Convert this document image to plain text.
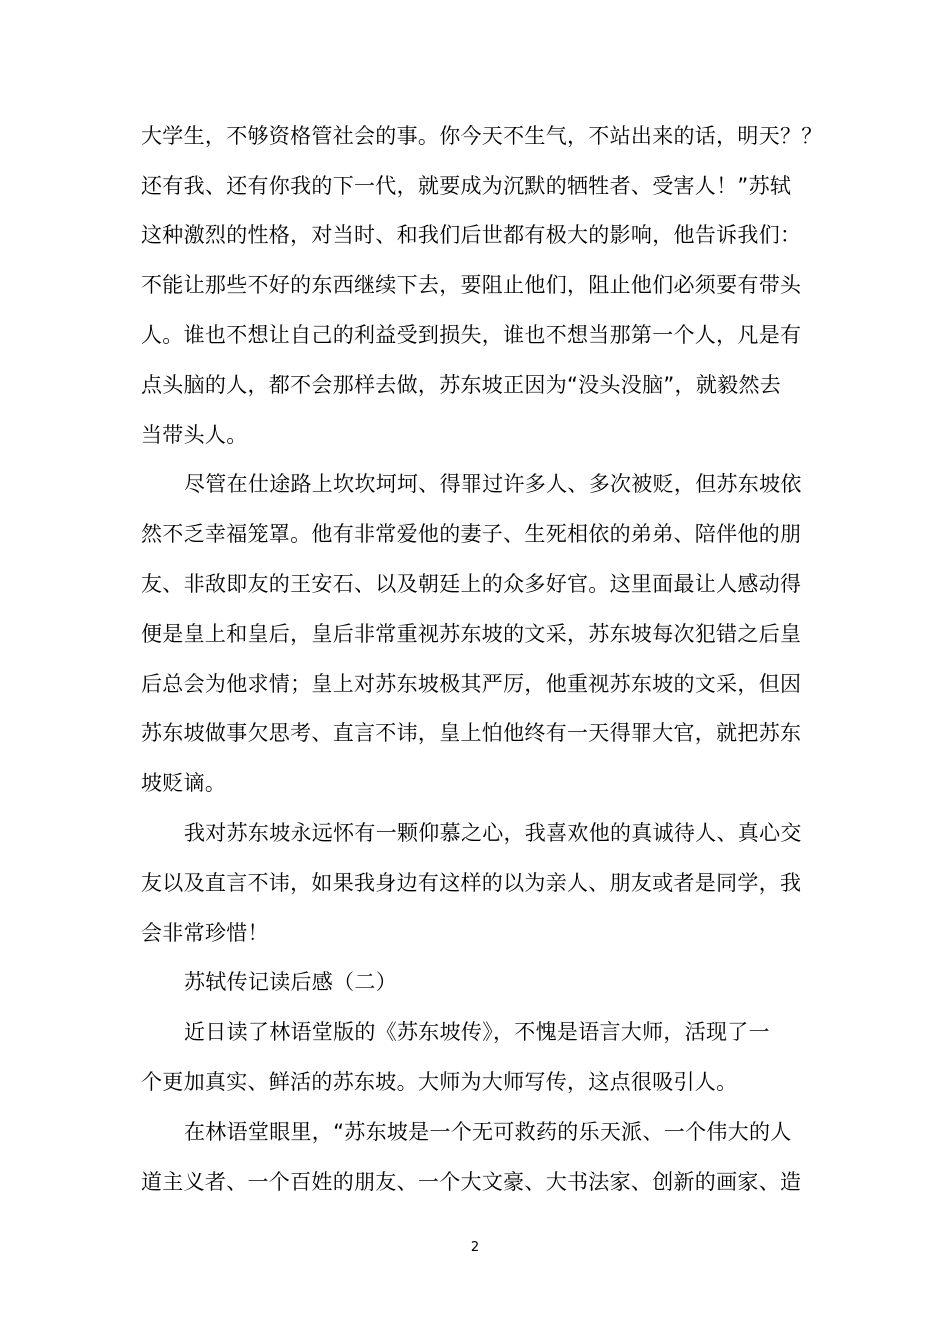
大学生，不够资格管社会的事。你今天不生气，不站出来的话，明天？？
还有我、还有你我的下一代，就要成为沉默的牺牲者、受害人！”苏轼
这种激烈的性格，对当时、和我们后世都有极大的影响，他告诉我们：
不能让那些不好的东西继续下去，要阻止他们，阻止他们必须要有带头
人。谁也不想让自己的利益受到损失，谁也不想当那第一个人，凡是有
点头脑的人，都不会那样去做，苏东坡正因为“没头没脑”，就毅然去
当带头人。
尽管在仕途路上坎坎坷坷、得罪过许多人、多次被贬，但苏东坡依
然不乏幸福笼罩。他有非常爱他的妻子、生死相依的弟弟、陪伴他的朋
友、非敌即友的王安石、以及朝廷上的众多好官。这里面最让人感动得
便是皇上和皇后，皇后非常重视苏东坡的文采，苏东坡每次犯错之后皇
后总会为他求情；皇上对苏东坡极其严厉，他重视苏东坡的文采，但因
苏东坡做事欠思考、直言不讳，皇上怕他终有一天得罪大官，就把苏东
坡贬谪。
我对苏东坡永远怀有一颗仰慕之心，我喜欢他的真诚待人、真心交
友以及直言不讳，如果我身边有这样的以为亲人、朋友或者是同学，我
会非常珍惜！
苏轼传记读后感（二）
近日读了林语堂版的《苏东坡传》，不愧是语言大师，活现了一
个更加真实、鲜活的苏东坡。大师为大师写传，这点很吸引人。
在林语堂眼里，“苏东坡是一个无可救药的乐天派、一个伟大的人
道主义者、一个百姓的朋友、一个大文豪、大书法家、创新的画家、造
2
